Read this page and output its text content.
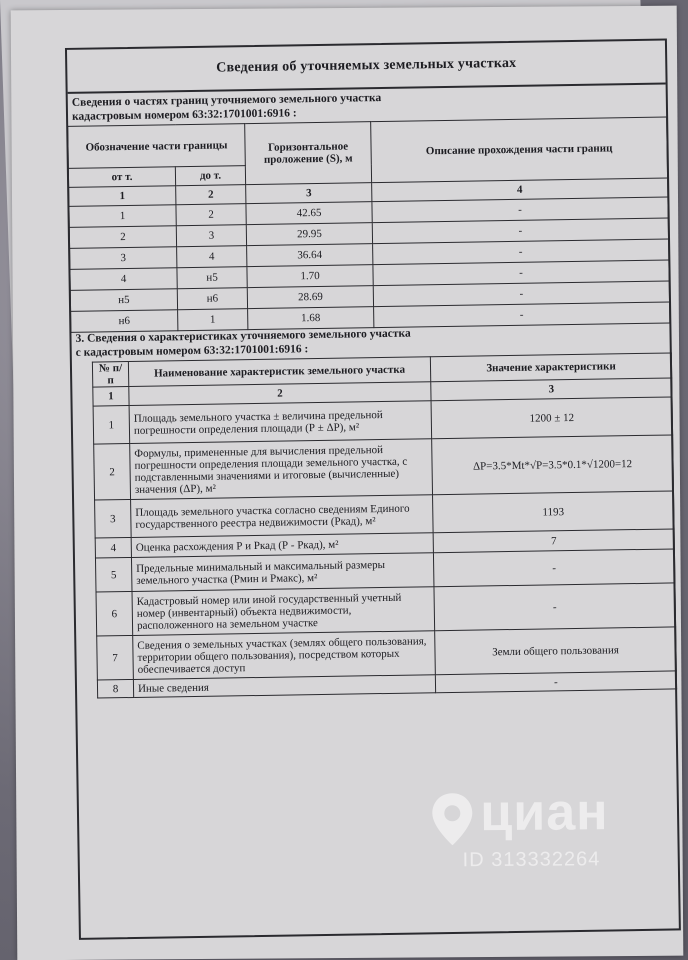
Сведения об уточняемых земельных участках
Сведения о частях границ уточняемого земельного участка
кадастровым номером 63:32:1701001:6916 :
Обозначение части границы		Горизонтальное проложение (S), м	Описание прохождения части границ
от т.	до т.		
1	2	3	4
1	2	42.65	-
2	3	29.95	-
3	4	36.64	-
4	н5	1.70	-
н5	н6	28.69	-
н6	1	1.68	-
3. Сведения о характеристиках уточняемого земельного участка
с кадастровым номером 63:32:1701001:6916 :
№ п/п	Наименование характеристик земельного участка	Значение характеристики
1	2	3
1	Площадь земельного участка ± величина предельной погрешности определения площади (Р ± ΔР), м²	1200 ± 12
2	Формулы, примененные для вычисления предельной погрешности определения площади земельного участка, с подставленными значениями и итоговые (вычисленные) значения (ΔР), м²	ΔР=3.5*Mt*√Р=3.5*0.1*√1200=12
3	Площадь земельного участка согласно сведениям Единого государственного реестра недвижимости (Ркад), м²	1193
4	Оценка расхождения Р и Ркад (Р - Ркад), м²	7
5	Предельные минимальный и максимальный размеры земельного участка (Рмин и Рмакс), м²	-
6	Кадастровый номер или иной государственный учетный номер (инвентарный) объекта недвижимости, расположенного на земельном участке	-
7	Сведения о земельных участках (землях общего пользования, территории общего пользования), посредством которых обеспечивается доступ	Земли общего пользования
8	Иные сведения	-
циан
ID 313332264
